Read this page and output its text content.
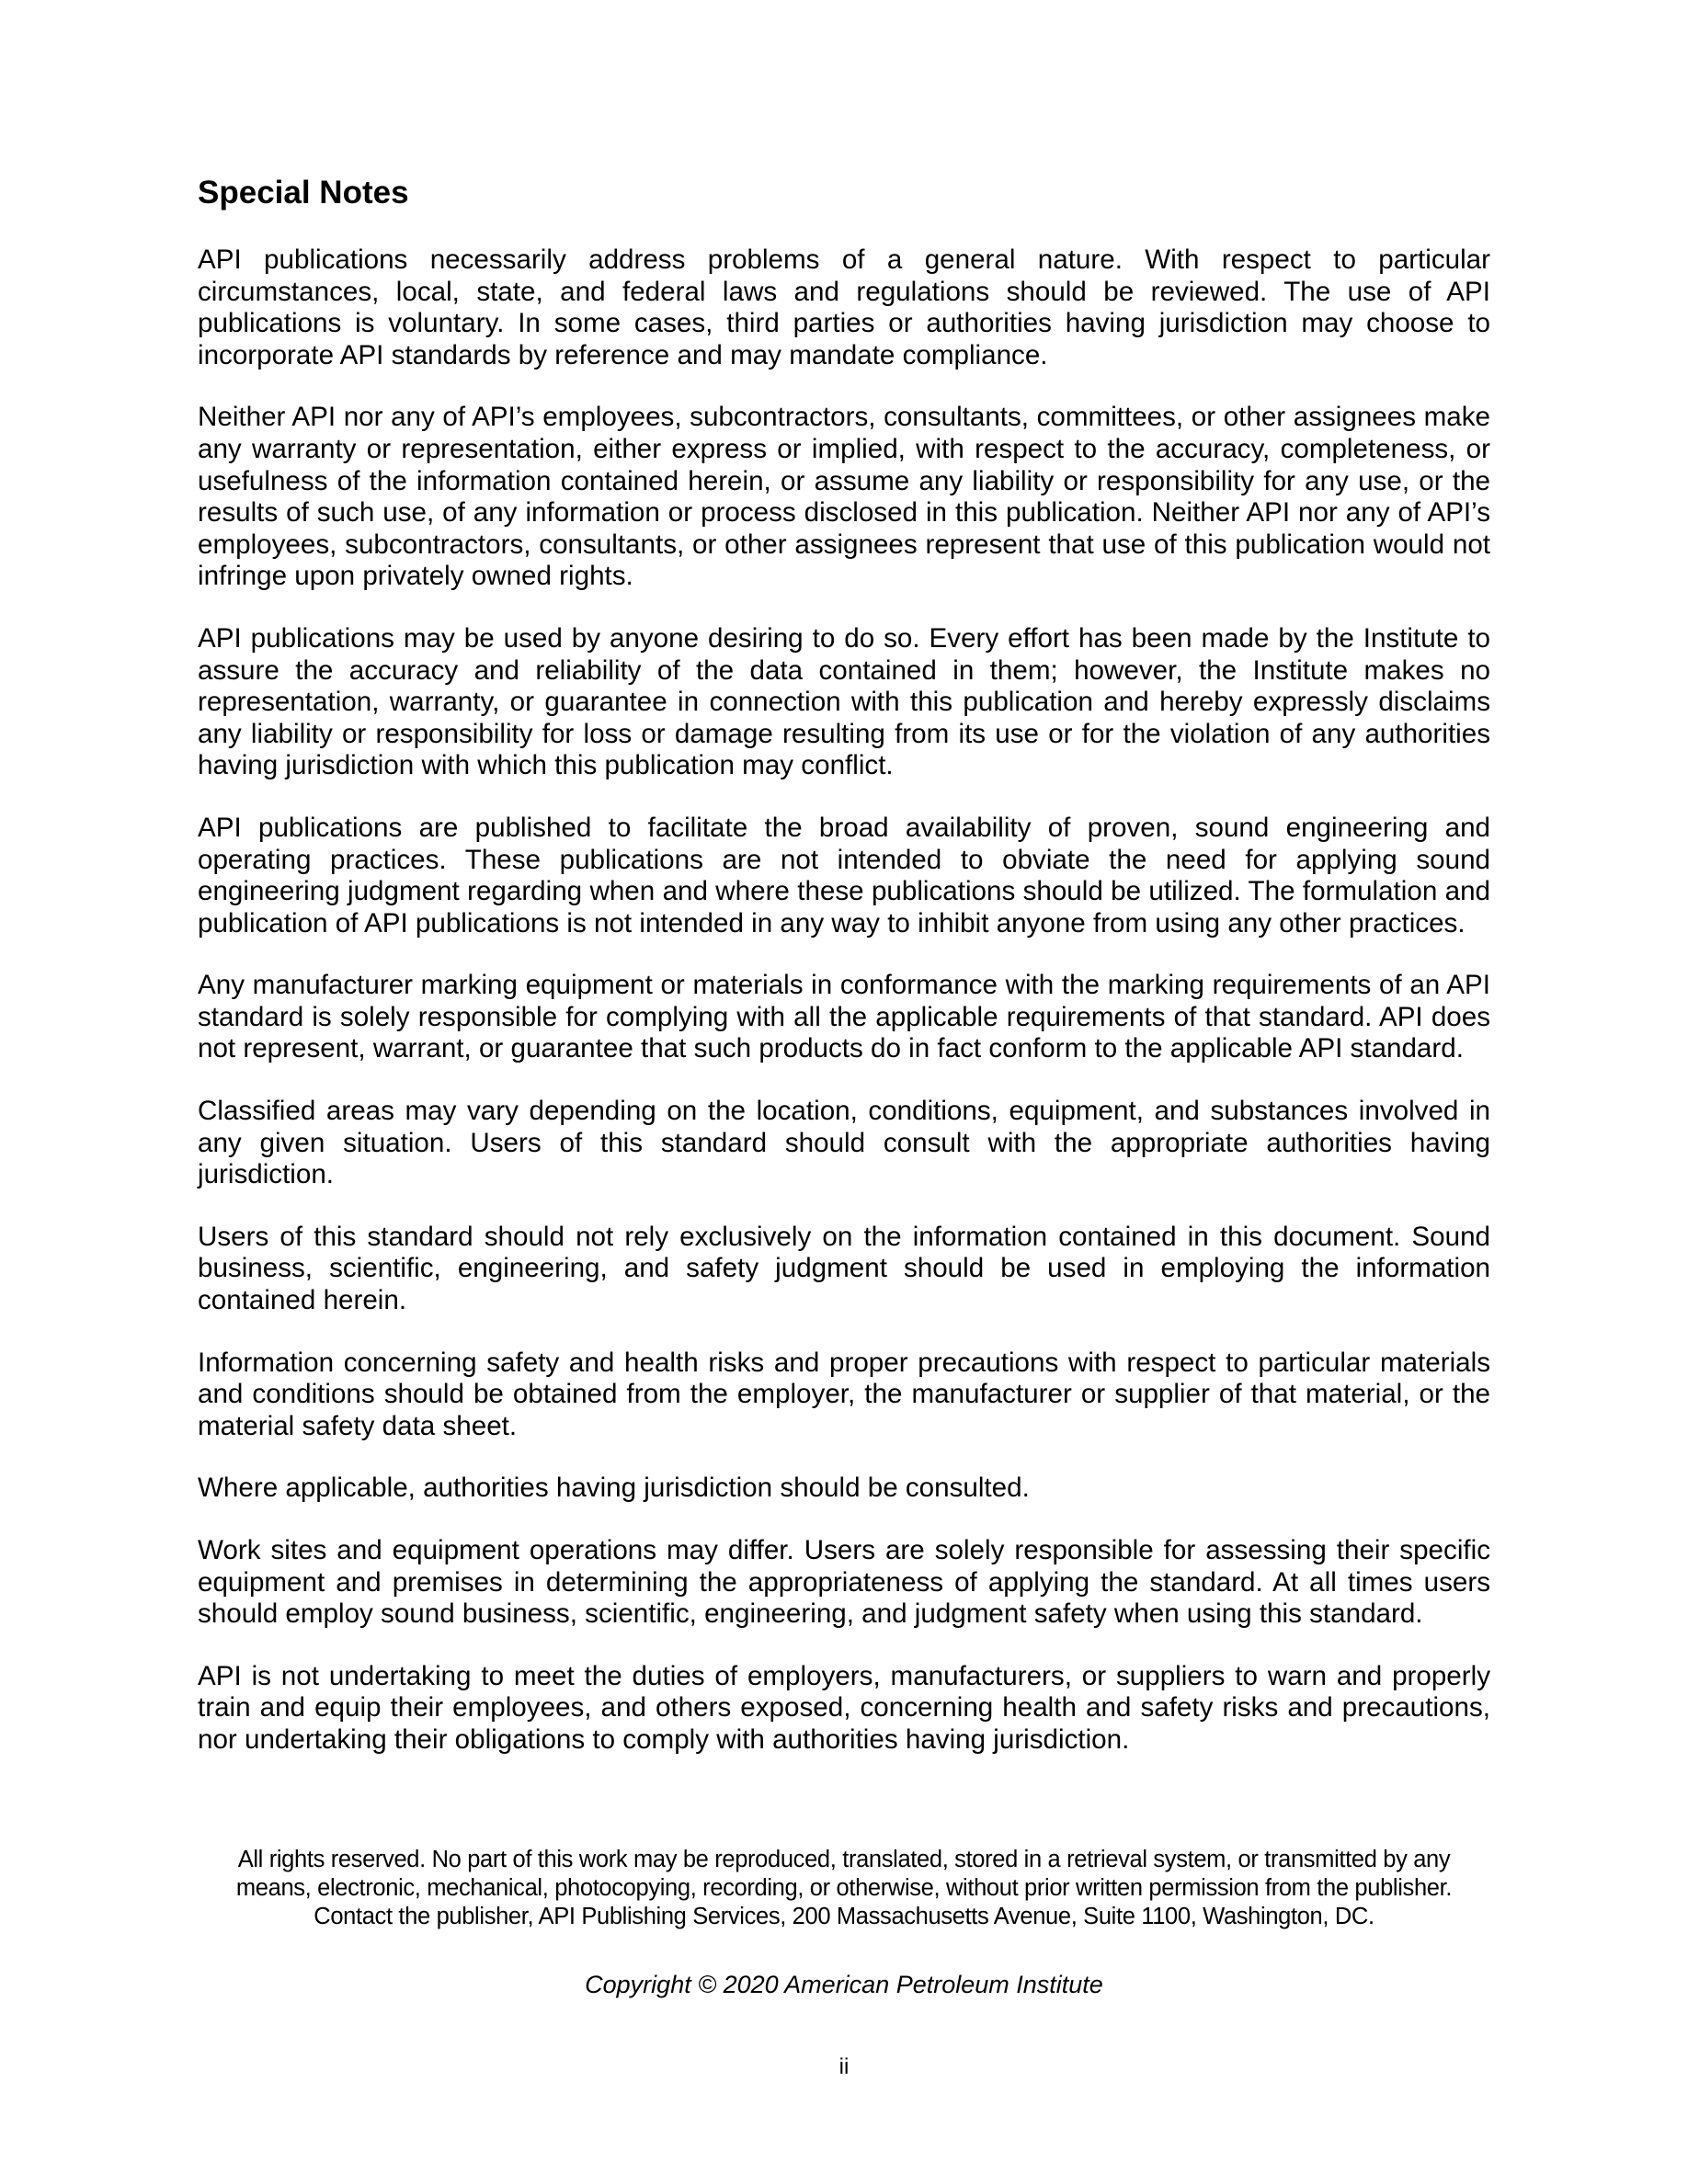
Special Notes

API publications necessarily address problems of a general nature. With respect to particular circumstances, local, state, and federal laws and regulations should be reviewed. The use of API publications is voluntary. In some cases, third parties or authorities having jurisdiction may choose to incorporate API standards by reference and may mandate compliance.

Neither API nor any of API’s employees, subcontractors, consultants, committees, or other assignees make any warranty or representation, either express or implied, with respect to the accuracy, completeness, or usefulness of the information contained herein, or assume any liability or responsibility for any use, or the results of such use, of any information or process disclosed in this publication. Neither API nor any of API’s employees, subcontractors, consultants, or other assignees represent that use of this publication would not infringe upon privately owned rights.

API publications may be used by anyone desiring to do so. Every effort has been made by the Institute to assure the accuracy and reliability of the data contained in them; however, the Institute makes no representation, warranty, or guarantee in connection with this publication and hereby expressly disclaims any liability or responsibility for loss or damage resulting from its use or for the violation of any authorities having jurisdiction with which this publication may conflict.

API publications are published to facilitate the broad availability of proven, sound engineering and operating practices. These publications are not intended to obviate the need for applying sound engineering judgment regarding when and where these publications should be utilized. The formulation and publication of API publications is not intended in any way to inhibit anyone from using any other practices.

Any manufacturer marking equipment or materials in conformance with the marking requirements of an API standard is solely responsible for complying with all the applicable requirements of that standard. API does not represent, warrant, or guarantee that such products do in fact conform to the applicable API standard.

Classified areas may vary depending on the location, conditions, equipment, and substances involved in any given situation. Users of this standard should consult with the appropriate authorities having jurisdiction.

Users of this standard should not rely exclusively on the information contained in this document. Sound business, scientific, engineering, and safety judgment should be used in employing the information contained herein.

Information concerning safety and health risks and proper precautions with respect to particular materials and conditions should be obtained from the employer, the manufacturer or supplier of that material, or the material safety data sheet.

Where applicable, authorities having jurisdiction should be consulted.

Work sites and equipment operations may differ. Users are solely responsible for assessing their specific equipment and premises in determining the appropriateness of applying the standard. At all times users should employ sound business, scientific, engineering, and judgment safety when using this standard.

API is not undertaking to meet the duties of employers, manufacturers, or suppliers to warn and properly train and equip their employees, and others exposed, concerning health and safety risks and precautions, nor undertaking their obligations to comply with authorities having jurisdiction.

All rights reserved. No part of this work may be reproduced, translated, stored in a retrieval system, or transmitted by any
means, electronic, mechanical, photocopying, recording, or otherwise, without prior written permission from the publisher.
Contact the publisher, API Publishing Services, 200 Massachusetts Avenue, Suite 1100, Washington, DC.
Copyright © 2020 American Petroleum Institute
ii
